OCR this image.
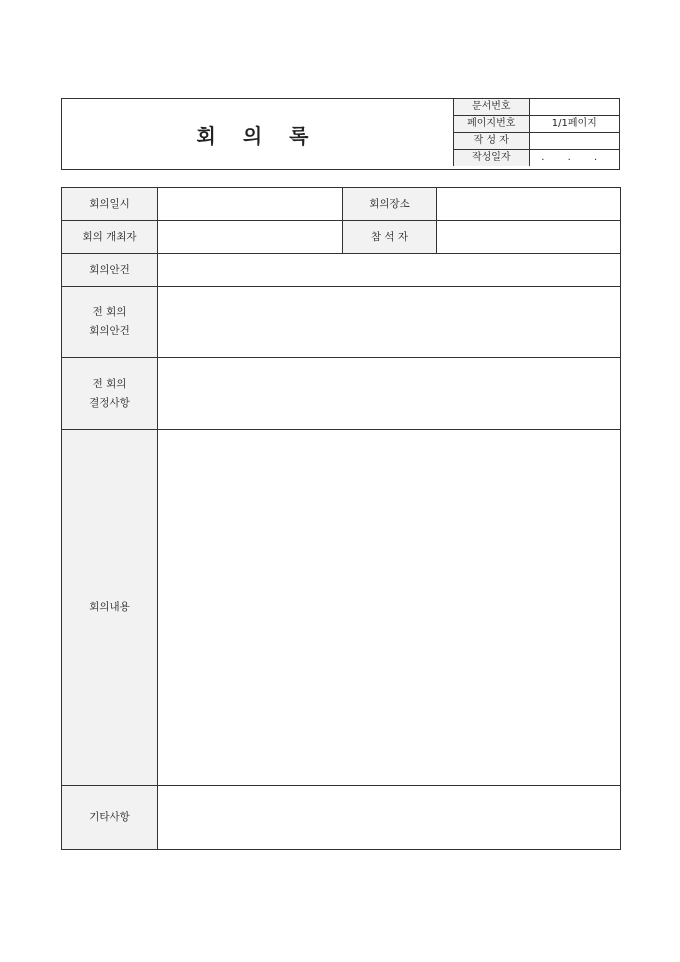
회 의 록
문서번호	
페이지번호	1/1페이지
작 성 자	
작성일자	. . .
회의일시		회의장소	
회의 개최자		참 석 자	
회의안건			

전 회의
회의안건			

전 회의
결정사항			

회의내용			
기타사항			
